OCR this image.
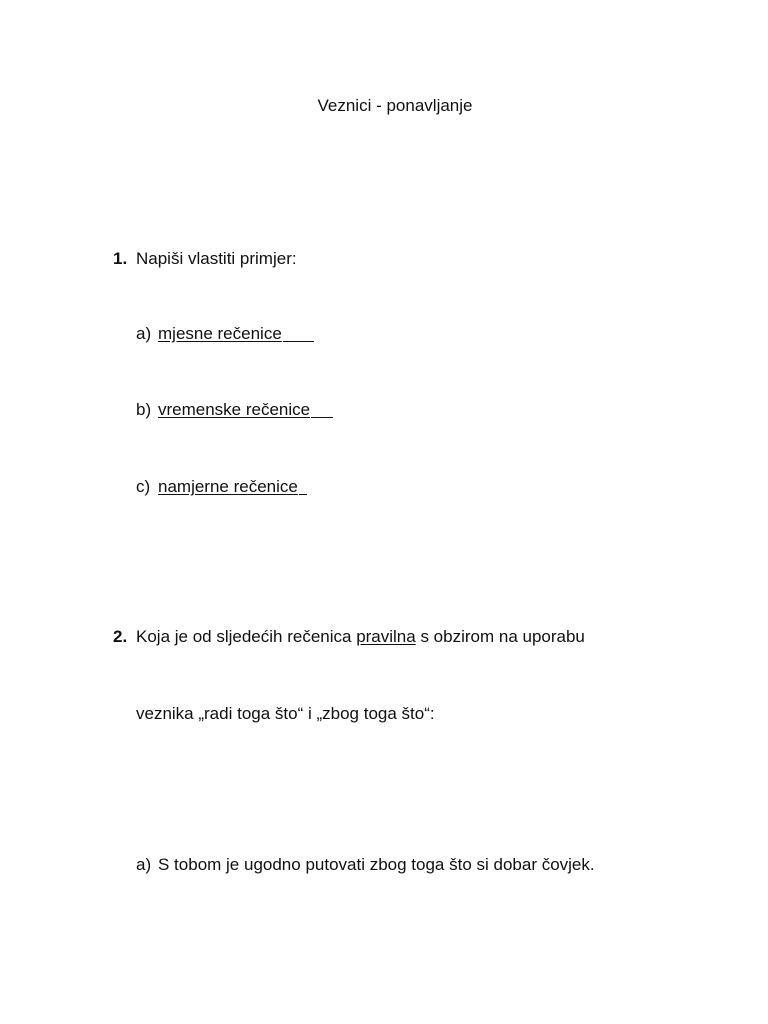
Veznici - ponavljanje
1. Napiši vlastiti primjer:
a) mjesne rečenice
b) vremenske rečenice
c) namjerne rečenice
2. Koja je od sljedećih rečenica pravilna s obzirom na uporabu
veznika „radi toga što“ i „zbog toga što“:
a) S tobom je ugodno putovati zbog toga što si dobar čovjek.
